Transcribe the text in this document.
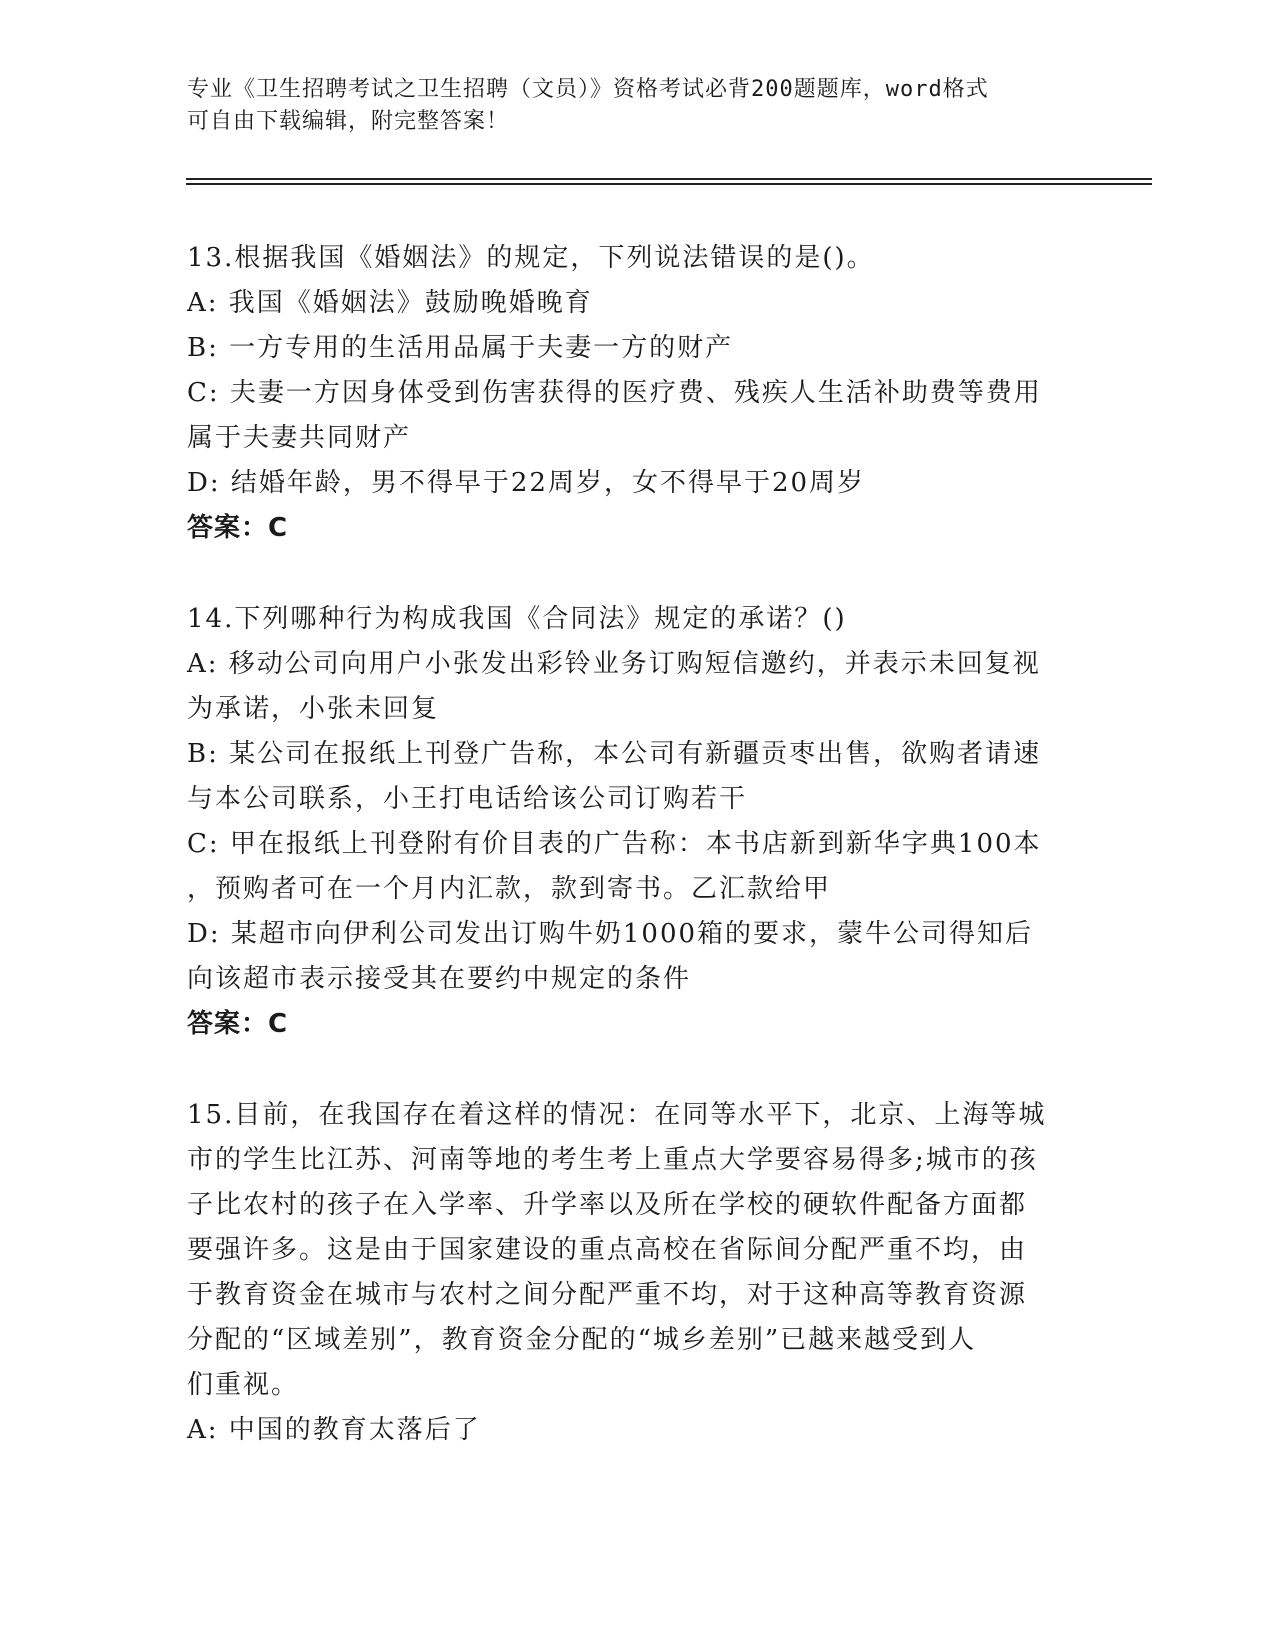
专业《卫生招聘考试之卫生招聘（文员）》资格考试必背200题题库，word格式
可自由下载编辑，附完整答案！
13.根据我国《婚姻法》的规定，下列说法错误的是()。
A: 我国《婚姻法》鼓励晚婚晚育
B: 一方专用的生活用品属于夫妻一方的财产
C: 夫妻一方因身体受到伤害获得的医疗费、残疾人生活补助费等费用
属于夫妻共同财产
D: 结婚年龄，男不得早于22周岁，女不得早于20周岁
答案：C
14.下列哪种行为构成我国《合同法》规定的承诺？()
A: 移动公司向用户小张发出彩铃业务订购短信邀约，并表示未回复视
为承诺，小张未回复
B: 某公司在报纸上刊登广告称，本公司有新疆贡枣出售，欲购者请速
与本公司联系，小王打电话给该公司订购若干
C: 甲在报纸上刊登附有价目表的广告称：本书店新到新华字典100本
，预购者可在一个月内汇款，款到寄书。乙汇款给甲
D: 某超市向伊利公司发出订购牛奶1000箱的要求，蒙牛公司得知后
向该超市表示接受其在要约中规定的条件
答案：C
15.目前，在我国存在着这样的情况：在同等水平下，北京、上海等城
市的学生比江苏、河南等地的考生考上重点大学要容易得多;城市的孩
子比农村的孩子在入学率、升学率以及所在学校的硬软件配备方面都
要强许多。这是由于国家建设的重点高校在省际间分配严重不均，由
于教育资金在城市与农村之间分配严重不均，对于这种高等教育资源
分配的“区域差别”，教育资金分配的“城乡差别”已越来越受到人
们重视。
A: 中国的教育太落后了
